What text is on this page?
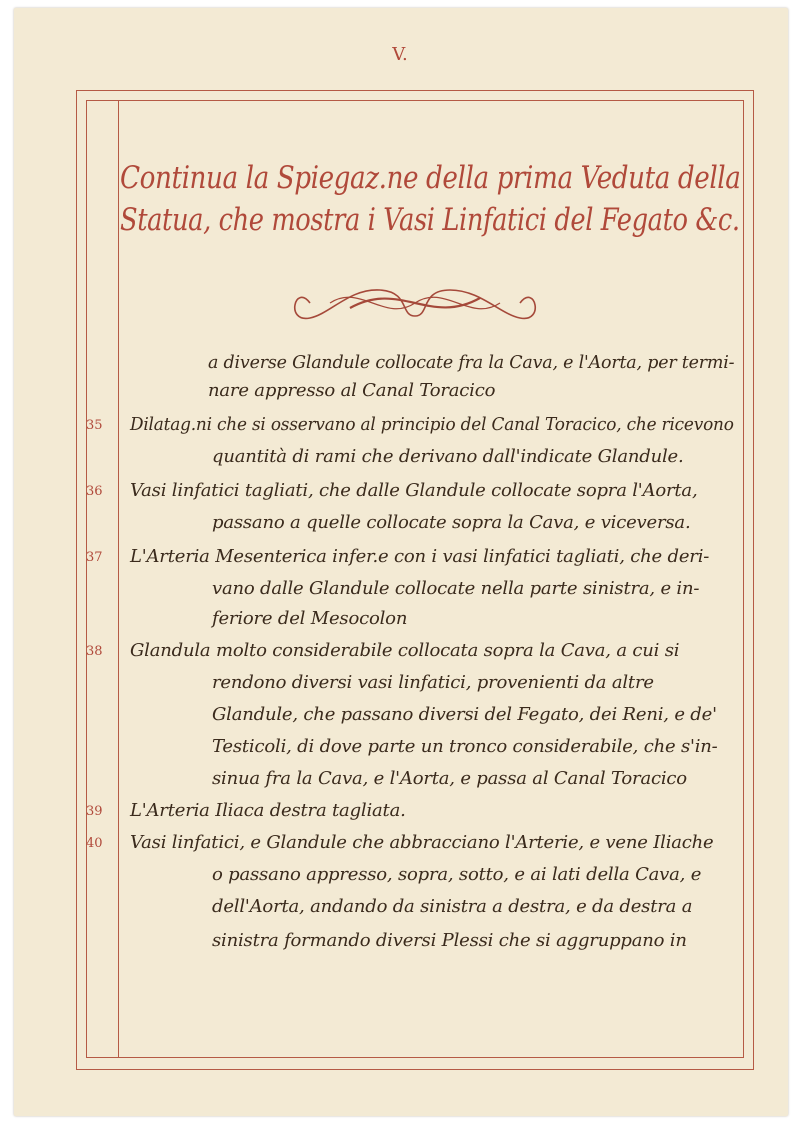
V.
Continua la Spiegaz.ne della prima Veduta della
Statua, che mostra i Vasi Linfatici del Fegato &c.
a diverse Glandule collocate fra la Cava, e l'Aorta, per termi-
nare appresso al Canal Toracico
35 Dilatag.ni che si osservano al principio del Canal Toracico, che ricevono
quantità di rami che derivano dall'indicate Glandule.
36 Vasi linfatici tagliati, che dalle Glandule collocate sopra l'Aorta,
passano a quelle collocate sopra la Cava, e viceversa.
37 L'Arteria Mesenterica infer.e con i vasi linfatici tagliati, che deri-
vano dalle Glandule collocate nella parte sinistra, e in-
feriore del Mesocolon
38 Glandula molto considerabile collocata sopra la Cava, a cui si
rendono diversi vasi linfatici, provenienti da altre
Glandule, che passano diversi del Fegato, dei Reni, e de'
Testicoli, di dove parte un tronco considerabile, che s'in-
sinua fra la Cava, e l'Aorta, e passa al Canal Toracico
39 L'Arteria Iliaca destra tagliata.
40 Vasi linfatici, e Glandule che abbracciano l'Arterie, e vene Iliache
o passano appresso, sopra, sotto, e ai lati della Cava, e
dell'Aorta, andando da sinistra a destra, e da destra a
sinistra formando diversi Plessi che si aggruppano in
